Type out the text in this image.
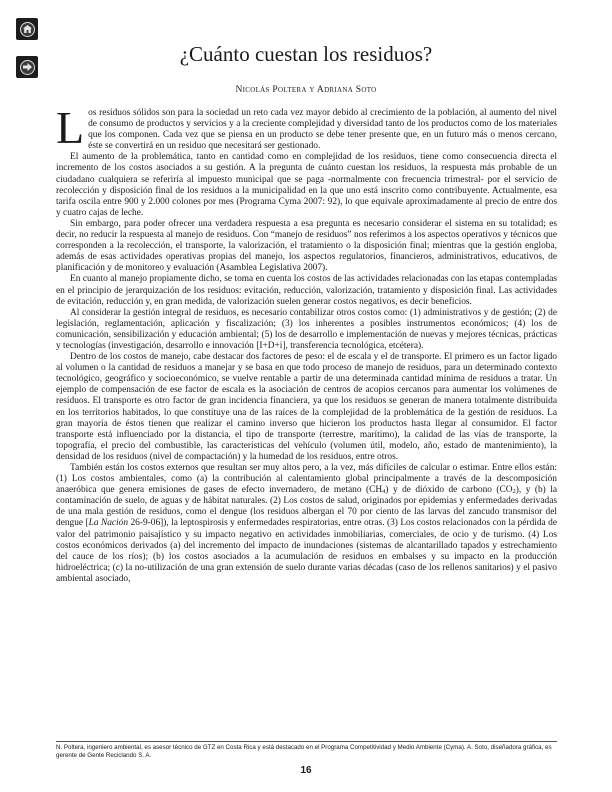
¿Cuánto cuestan los residuos?
Nicolás Poltera y Adriana Soto

Los residuos sólidos son para la sociedad un reto cada vez mayor debido al crecimiento de la población, al aumento del nivel de consumo de productos y servicios y a la creciente complejidad y diversidad tanto de los productos como de los materiales que los componen. Cada vez que se piensa en un producto se debe tener presente que, en un futuro más o menos cercano, éste se convertirá en un residuo que necesitará ser gestionado.

El aumento de la problemática, tanto en cantidad como en complejidad de los residuos, tiene como consecuencia directa el incremento de los costos asociados a su gestión. A la pregunta de cuánto cuestan los residuos, la respuesta más probable de un ciudadano cualquiera se referiría al impuesto municipal que se paga -normalmente con frecuencia trimestral- por el servicio de recolección y disposición final de los residuos a la municipalidad en la que uno está inscrito como contribuyente. Actualmente, esa tarifa oscila entre 900 y 2.000 colones por mes (Programa Cyma 2007: 92), lo que equivale aproximadamente al precio de entre dos y cuatro cajas de leche.

Sin embargo, para poder ofrecer una verdadera respuesta a esa pregunta es necesario considerar el sistema en su totalidad; es decir, no reducir la respuesta al manejo de residuos. Con “manejo de residuos” nos referimos a los aspectos operativos y técnicos que corresponden a la recolección, el transporte, la valorización, el tratamiento o la disposición final; mientras que la gestión engloba, además de esas actividades operativas propias del manejo, los aspectos regulatorios, financieros, administrativos, educativos, de planificación y de monitoreo y evaluación (Asamblea Legislativa 2007).

En cuanto al manejo propiamente dicho, se toma en cuenta los costos de las actividades relacionadas con las etapas contempladas en el principio de jerarquización de los residuos: evitación, reducción, valorización, tratamiento y disposición final. Las actividades de evitación, reducción y, en gran medida, de valorización suelen generar costos negativos, es decir beneficios.

Al considerar la gestión integral de residuos, es necesario contabilizar otros costos como: (1) administrativos y de gestión; (2) de legislación, reglamentación, aplicación y fiscalización; (3) los inherentes a posibles instrumentos económicos; (4) los de comunicación, sensibilización y educación ambiental; (5) los de desarrollo e implementación de nuevas y mejores técnicas, prácticas y tecnologías (investigación, desarrollo e innovación [I+D+i], transferencia tecnológica, etcétera).

Dentro de los costos de manejo, cabe destacar dos factores de peso: el de escala y el de transporte. El primero es un factor ligado al volumen o la cantidad de residuos a manejar y se basa en que todo proceso de manejo de residuos, para un determinado contexto tecnológico, geográfico y socioeconómico, se vuelve rentable a partir de una determinada cantidad mínima de residuos a tratar. Un ejemplo de compensación de ese factor de escala es la asociación de centros de acopios cercanos para aumentar los volúmenes de residuos. El transporte es otro factor de gran incidencia financiera, ya que los residuos se generan de manera totalmente distribuida en los territorios habitados, lo que constituye una de las raíces de la complejidad de la problemática de la gestión de residuos. La gran mayoría de éstos tienen que realizar el camino inverso que hicieron los productos hasta llegar al consumidor. El factor transporte está influenciado por la distancia, el tipo de transporte (terrestre, marítimo), la calidad de las vías de transporte, la topografía, el precio del combustible, las características del vehículo (volumen útil, modelo, año, estado de mantenimiento), la densidad de los residuos (nivel de compactación) y la humedad de los residuos, entre otros.

También están los costos externos que resultan ser muy altos pero, a la vez, más difíciles de calcular o estimar. Entre ellos están: (1) Los costos ambientales, como (a) la contribución al calentamiento global principalmente a través de la descomposición anaeróbica que genera emisiones de gases de efecto invernadero, de metano (CH4) y de dióxido de carbono (CO2), y (b) la contaminación de suelo, de aguas y de hábitat naturales. (2) Los costos de salud, originados por epidemias y enfermedades derivadas de una mala gestión de residuos, como el dengue (los residuos albergan el 70 por ciento de las larvas del zancudo transmisor del dengue [La Nación 26-9-06]), la leptospirosis y enfermedades respiratorias, entre otras. (3) Los costos relacionados con la pérdida de valor del patrimonio paisajístico y su impacto negativo en actividades inmobiliarias, comerciales, de ocio y de turismo. (4) Los costos económicos derivados (a) del incremento del impacto de inundaciones (sistemas de alcantarillado tapados y estrechamiento del cauce de los ríos); (b) los costos asociados a la acumulación de residuos en embalses y su impacto en la producción hidroeléctrica; (c) la no-utilización de una gran extensión de suelo durante varias décadas (caso de los rellenos sanitarios) y el pasivo ambiental asociado,

N. Poltera, ingeniero ambiental, es asesor técnico de GTZ en Costa Rica y está destacado en el Programa Competitividad y Medio Ambiente (Cyma). A. Soto, diseñadora gráfica, es gerente de Gente Reciclando S. A.
16
